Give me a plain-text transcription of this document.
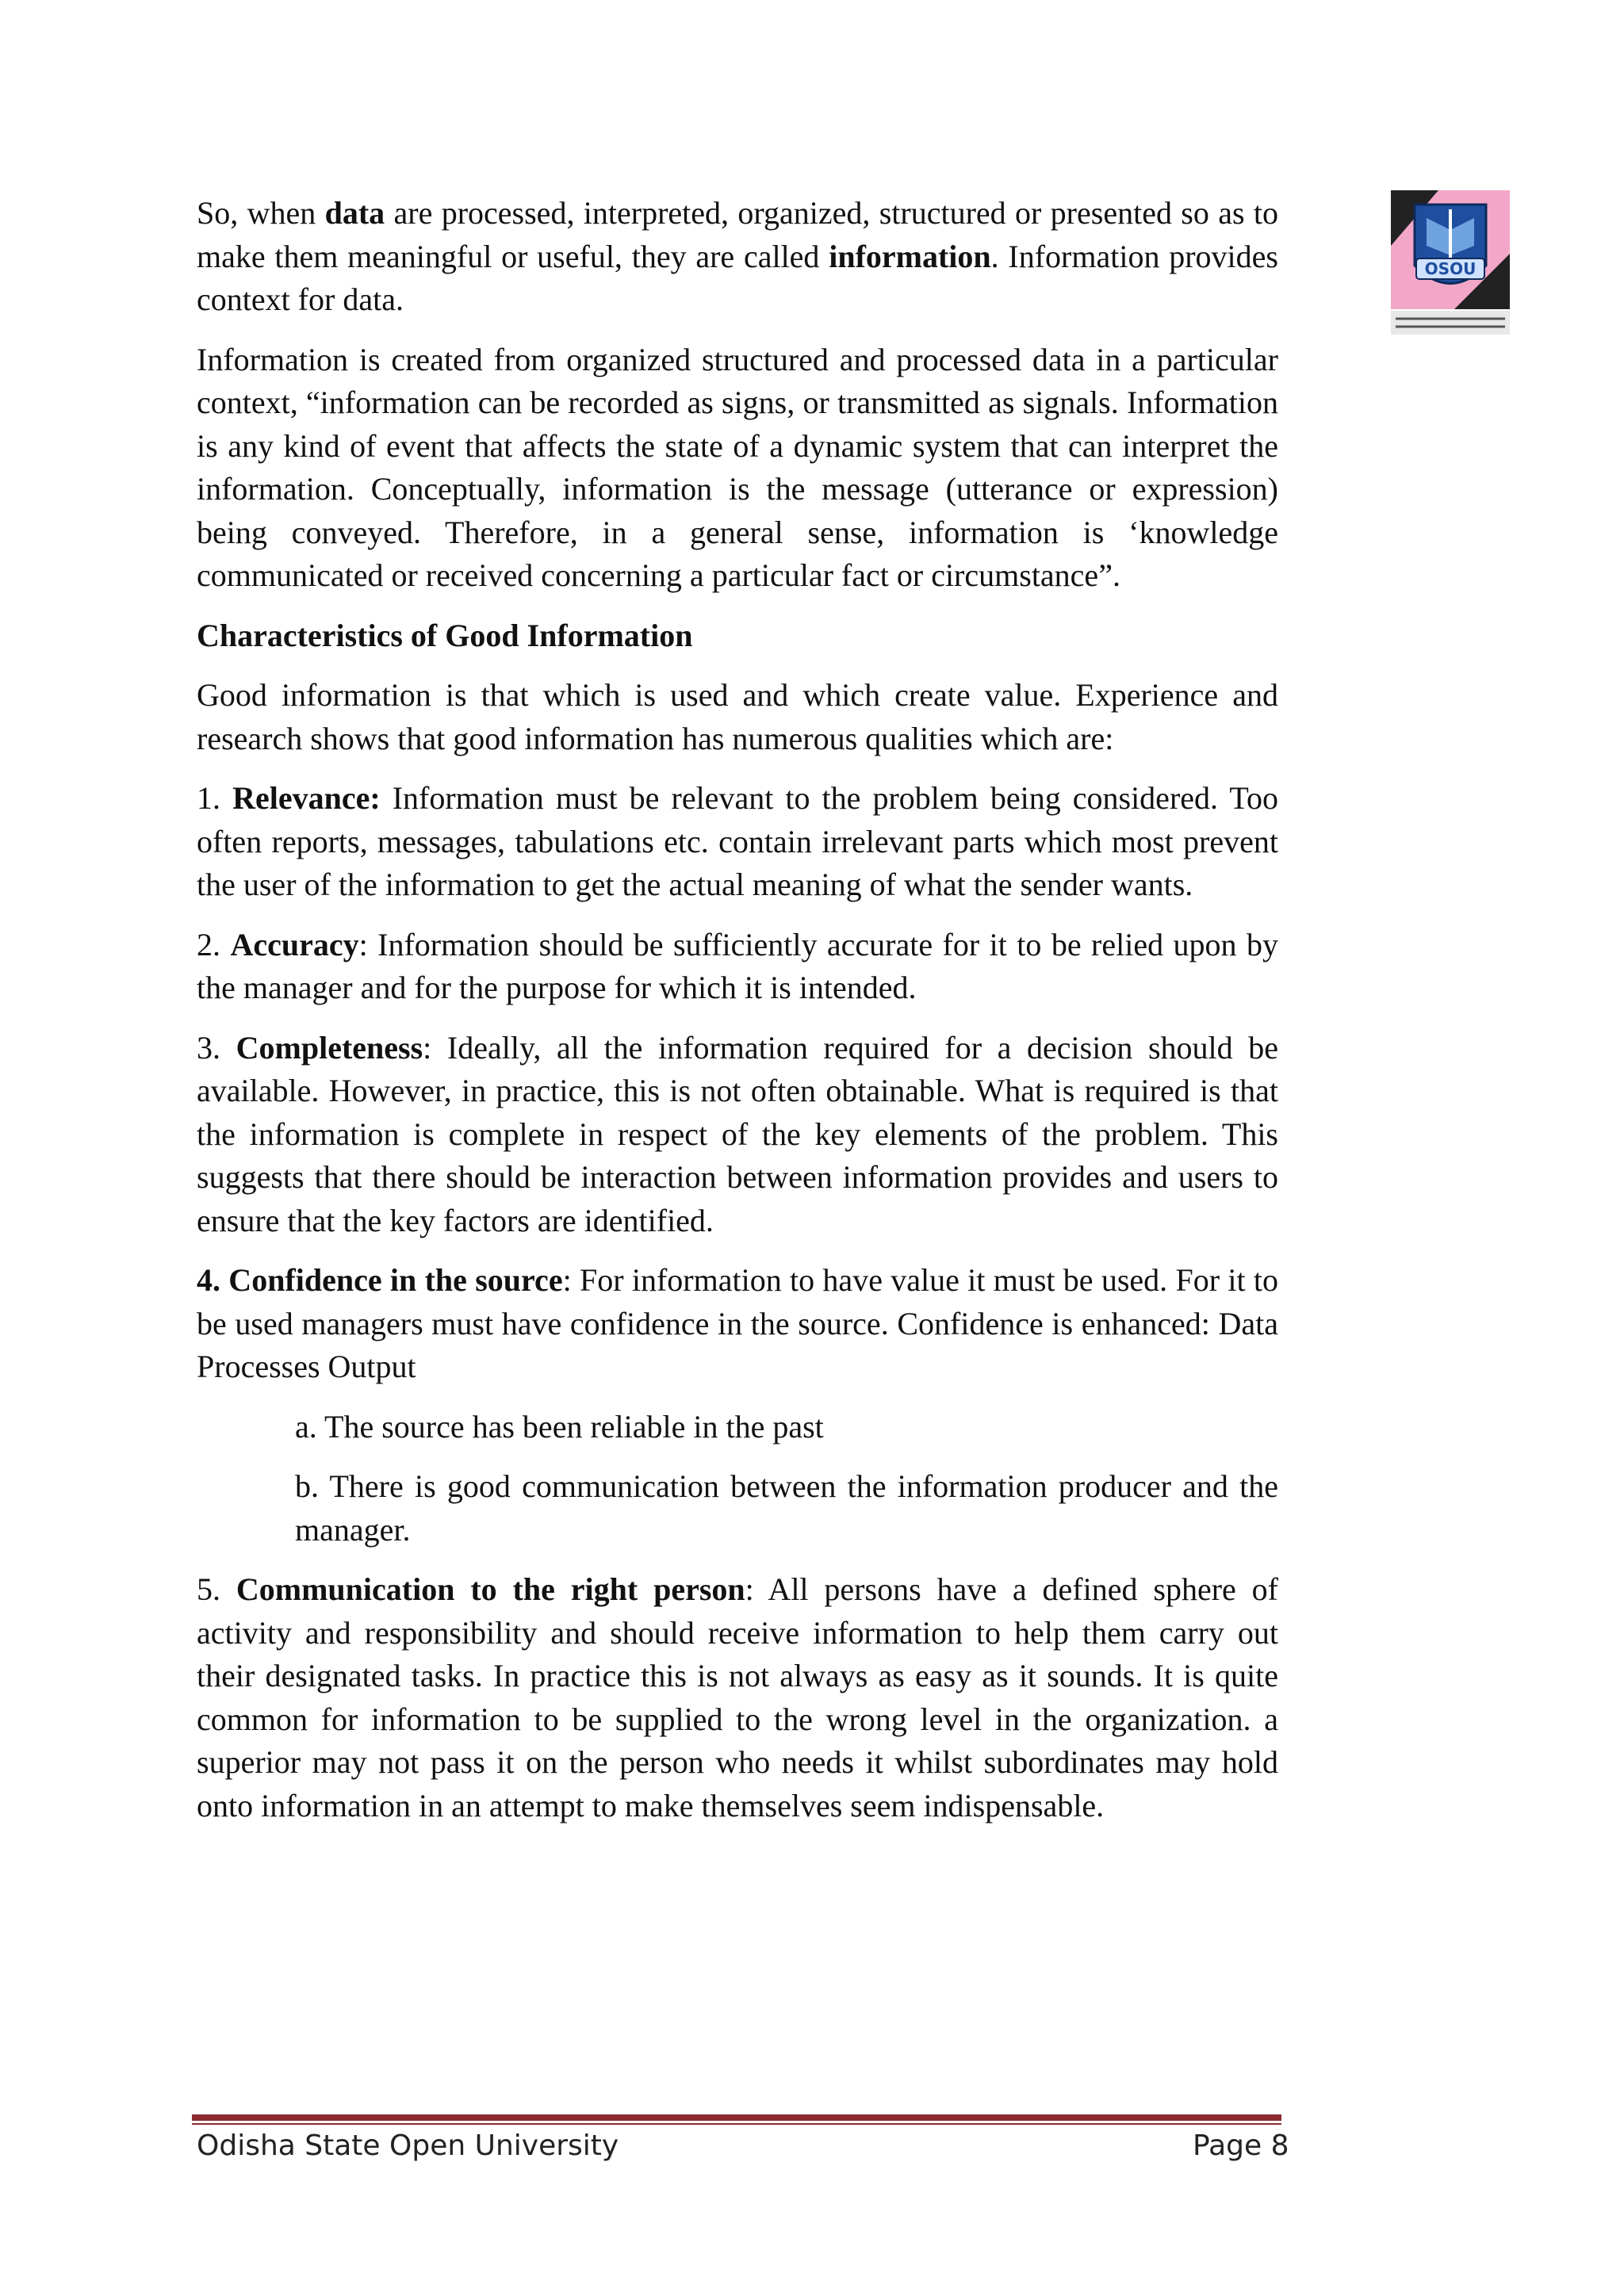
So, when data are processed, interpreted, organized, structured or presented so as to make them meaningful or useful, they are called information. Information provides context for data.

Information is created from organized structured and processed data in a particular context, “information can be recorded as signs, or transmitted as signals. Information is any kind of event that affects the state of a dynamic system that can interpret the information. Conceptually, information is the message (utterance or expression) being conveyed. Therefore, in a general sense, information is ‘knowledge communicated or received concerning a particular fact or circumstance”.

Characteristics of Good Information

Good information is that which is used and which create value. Experience and research shows that good information has numerous qualities which are:

1. Relevance: Information must be relevant to the problem being considered. Too often reports, messages, tabulations etc. contain irrelevant parts which most prevent the user of the information to get the actual meaning of what the sender wants.

2. Accuracy: Information should be sufficiently accurate for it to be relied upon by the manager and for the purpose for which it is intended.

3. Completeness: Ideally, all the information required for a decision should be available. However, in practice, this is not often obtainable. What is required is that the information is complete in respect of the key elements of the problem. This suggests that there should be interaction between information provides and users to ensure that the key factors are identified.

4. Confidence in the source: For information to have value it must be used. For it to be used managers must have confidence in the source. Confidence is enhanced: Data Processes Output

a. The source has been reliable in the past

b. There is good communication between the information producer and the manager.

5. Communication to the right person: All persons have a defined sphere of activity and responsibility and should receive information to help them carry out their designated tasks. In practice this is not always as easy as it sounds. It is quite common for information to be supplied to the wrong level in the organization. a superior may not pass it on the person who needs it whilst subordinates may hold onto information in an attempt to make themselves seem indispensable.

OSOU
Odisha State Open University	Page 8
